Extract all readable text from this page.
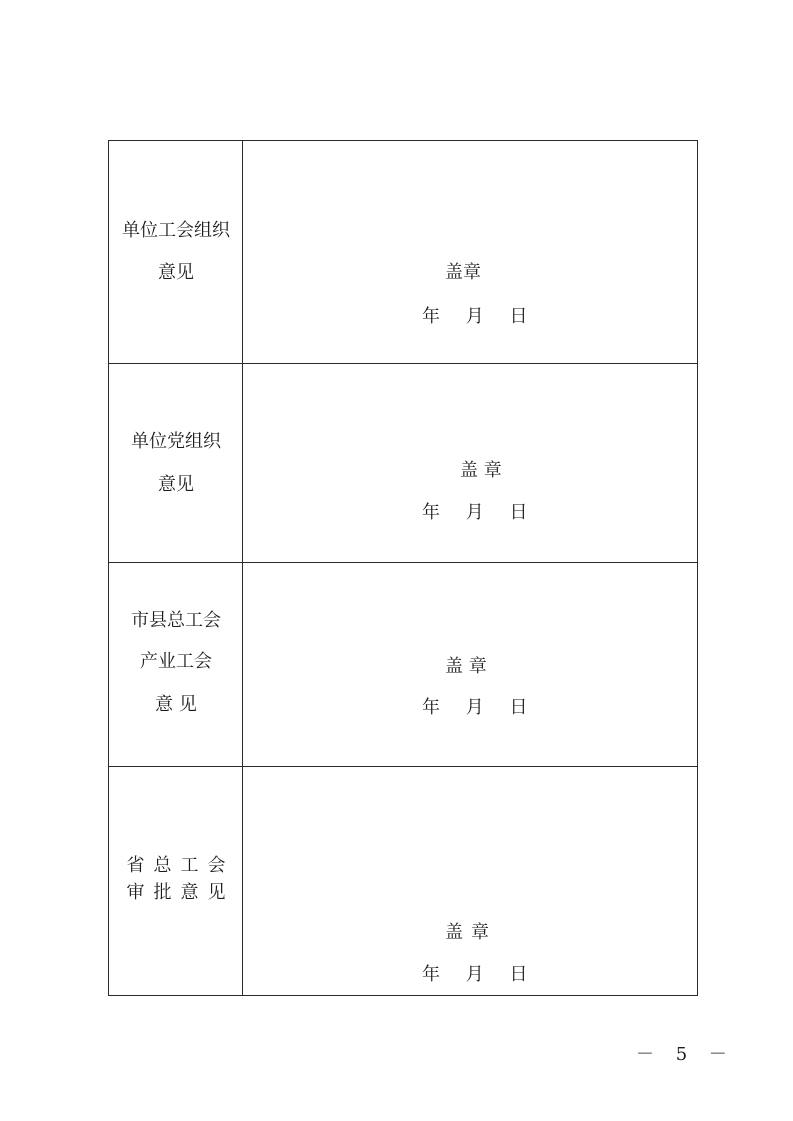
单位工会组织
意见	盖章
年 月 日
单位党组织
意见
盖 章
年 月 日
市县总工会
产业工会
意 见
盖 章
年 月 日
省总工会
审批意见
盖章
年 月 日
－ 5 －
